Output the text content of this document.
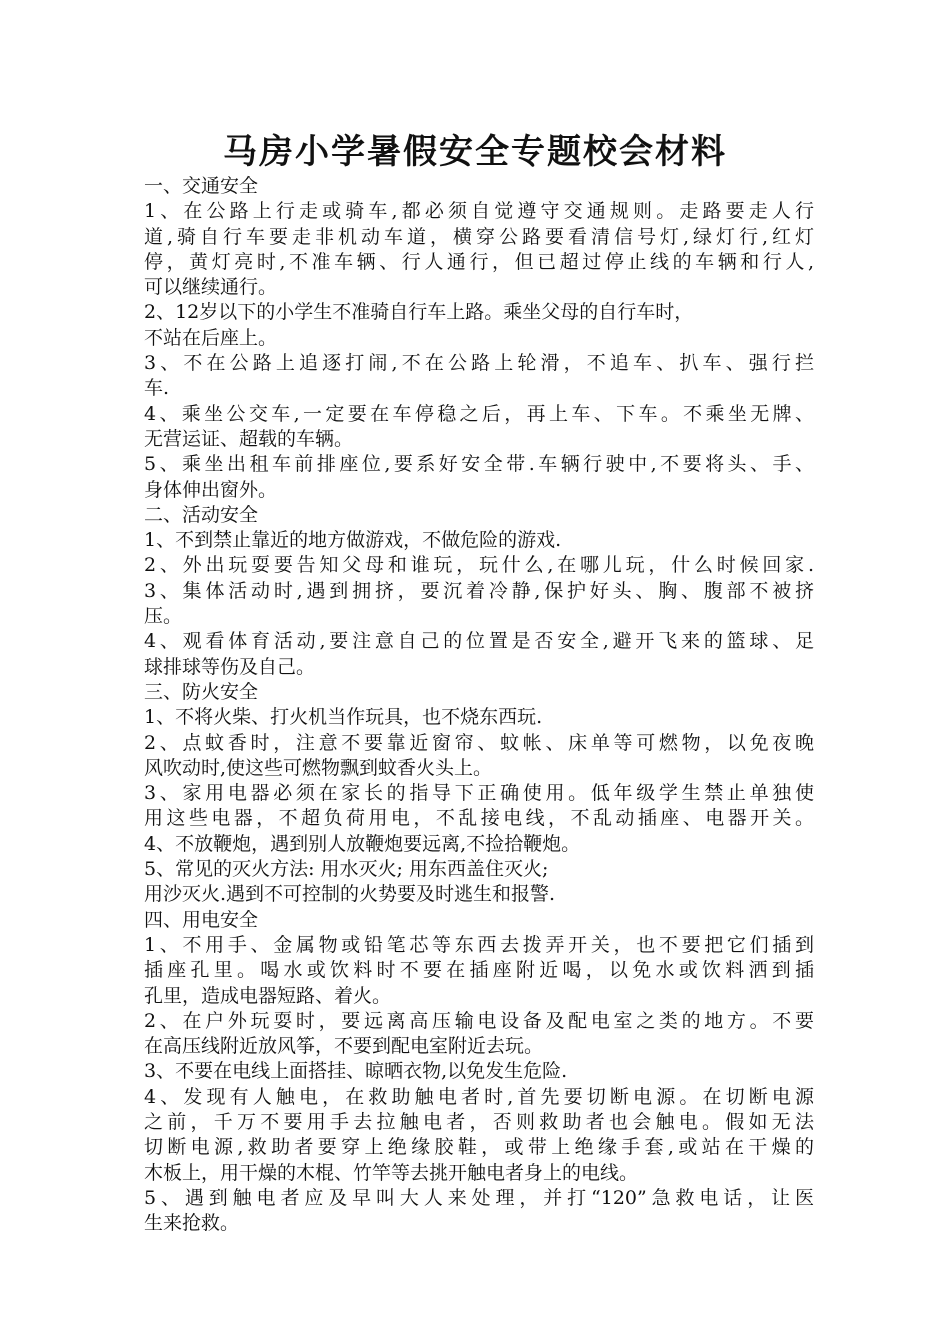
马房小学暑假安全专题校会材料
一、交通安全
1、在公路上行走或骑车,都必须自觉遵守交通规则。走路要走人行
道,骑自行车要走非机动车道，横穿公路要看清信号灯,绿灯行,红灯
停，黄灯亮时,不准车辆、行人通行，但已超过停止线的车辆和行人,
可以继续通行。
2、12岁以下的小学生不准骑自行车上路。乘坐父母的自行车时，
不站在后座上。
3、不在公路上追逐打闹,不在公路上轮滑，不追车、扒车、强行拦
车.
4、乘坐公交车,一定要在车停稳之后，再上车、下车。不乘坐无牌、
无营运证、超载的车辆。
5、乘坐出租车前排座位,要系好安全带.车辆行驶中,不要将头、手、
身体伸出窗外。
二、活动安全
1、不到禁止靠近的地方做游戏，不做危险的游戏.
2、外出玩耍要告知父母和谁玩，玩什么,在哪儿玩，什么时候回家.
3、集体活动时,遇到拥挤，要沉着冷静,保护好头、胸、腹部不被挤
压。
4、观看体育活动,要注意自己的位置是否安全,避开飞来的篮球、足
球排球等伤及自己。
三、防火安全
1、不将火柴、打火机当作玩具，也不烧东西玩.
2、点蚊香时，注意不要靠近窗帘、蚊帐、床单等可燃物，以免夜晚
风吹动时,使这些可燃物飘到蚊香火头上。
3、家用电器必须在家长的指导下正确使用。低年级学生禁止单独使
用这些电器，不超负荷用电，不乱接电线，不乱动插座、电器开关。
4、不放鞭炮，遇到别人放鞭炮要远离,不捡拾鞭炮。
5、常见的灭火方法: 用水灭火; 用东西盖住灭火;
用沙灭火.遇到不可控制的火势要及时逃生和报警.
四、用电安全
1、不用手、金属物或铅笔芯等东西去拨弄开关，也不要把它们插到
插座孔里。喝水或饮料时不要在插座附近喝，以免水或饮料洒到插
孔里，造成电器短路、着火。
2、在户外玩耍时，要远离高压输电设备及配电室之类的地方。不要
在高压线附近放风筝，不要到配电室附近去玩。
3、不要在电线上面搭挂、晾晒衣物,以免发生危险.
4、发现有人触电，在救助触电者时,首先要切断电源。在切断电源
之前，千万不要用手去拉触电者，否则救助者也会触电。假如无法
切断电源,救助者要穿上绝缘胶鞋，或带上绝缘手套,或站在干燥的
木板上，用干燥的木棍、竹竿等去挑开触电者身上的电线。
5、遇到触电者应及早叫大人来处理，并打“120”急救电话，让医
生来抢救。
